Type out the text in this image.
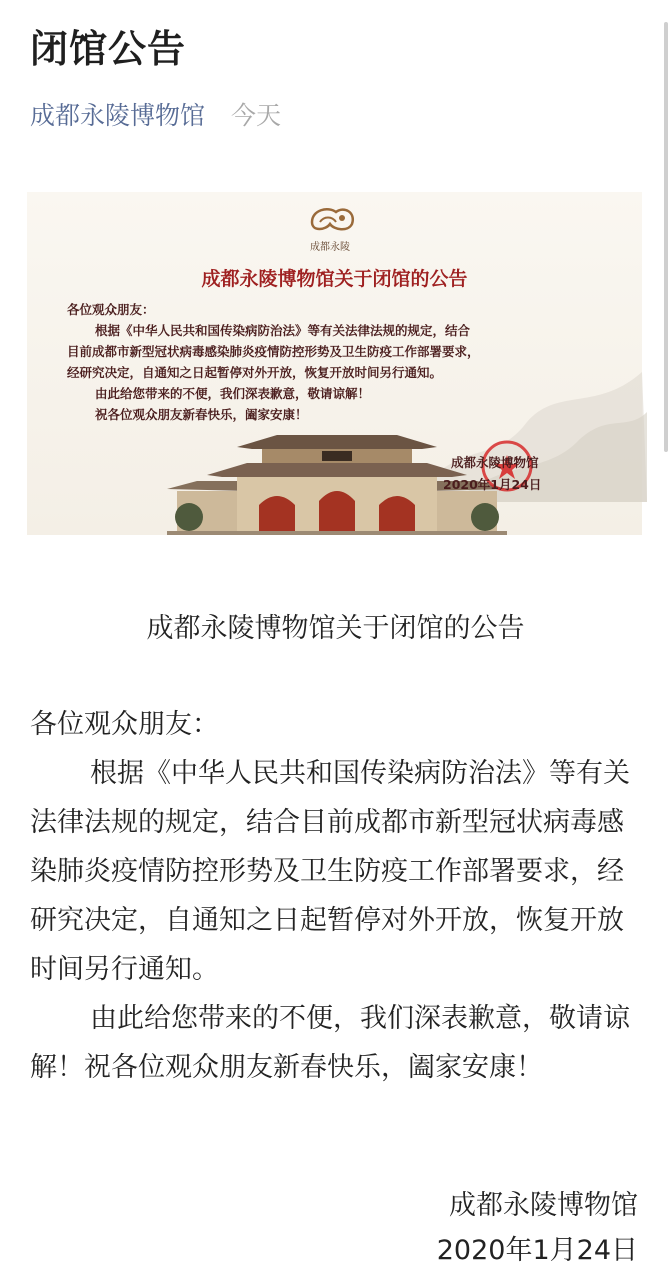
闭馆公告
成都永陵博物馆 今天
成都永陵
成都永陵博物馆关于闭馆的公告
各位观众朋友：
根据《中华人民共和国传染病防治法》等有关法律法规的规定，结合
目前成都市新型冠状病毒感染肺炎疫情防控形势及卫生防疫工作部署要求，
经研究决定，自通知之日起暂停对外开放，恢复开放时间另行通知。
由此给您带来的不便，我们深表歉意，敬请谅解！
祝各位观众朋友新春快乐，阖家安康！
成都永陵博物馆
2020年1月24日
成都永陵博物馆关于闭馆的公告

各位观众朋友：

根据《中华人民共和国传染病防治法》等有关法律法规的规定，结合目前成都市新型冠状病毒感染肺炎疫情防控形势及卫生防疫工作部署要求，经研究决定，自通知之日起暂停对外开放，恢复开放时间另行通知。

由此给您带来的不便，我们深表歉意，敬请谅解！祝各位观众朋友新春快乐，阖家安康！

成都永陵博物馆
2020年1月24日
